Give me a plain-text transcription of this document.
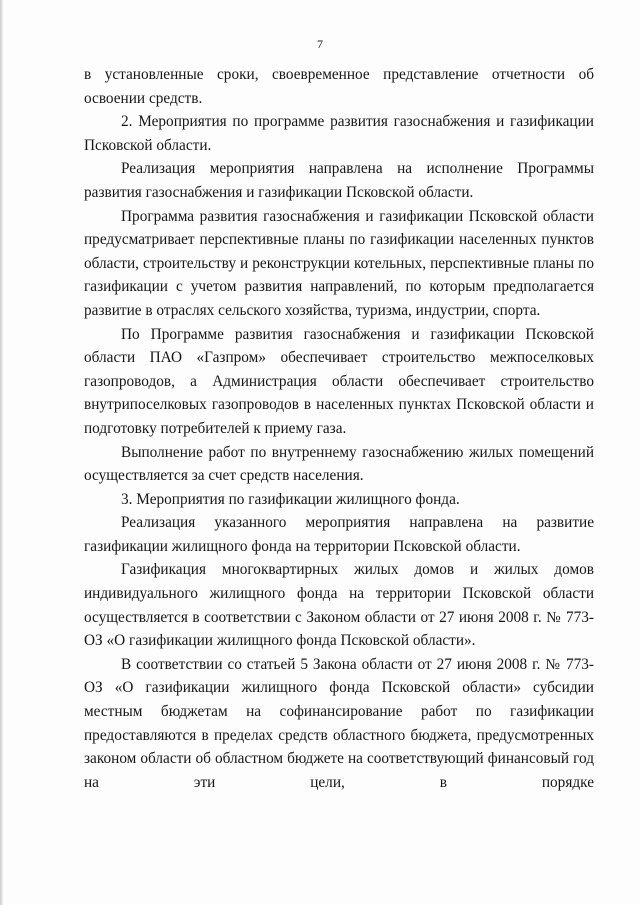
7

в установленные сроки, своевременное представление отчетности об освоении средств.

2. Мероприятия по программе развития газоснабжения и газификации Псковской области.

Реализация мероприятия направлена на исполнение Программы развития газоснабжения и газификации Псковской области.

Программа развития газоснабжения и газификации Псковской области предусматривает перспективные планы по газификации населенных пунктов области, строительству и реконструкции котельных, перспективные планы по газификации с учетом развития направлений, по которым предполагается развитие в отраслях сельского хозяйства, туризма, индустрии, спорта.

По Программе развития газоснабжения и газификации Псковской области ПАО «Газпром» обеспечивает строительство межпоселковых газопроводов, а Администрация области обеспечивает строительство внутрипоселковых газопроводов в населенных пунктах Псковской области и подготовку потребителей к приему газа.

Выполнение работ по внутреннему газоснабжению жилых помещений осуществляется за счет средств населения.

3. Мероприятия по газификации жилищного фонда.

Реализация указанного мероприятия направлена на развитие газификации жилищного фонда на территории Псковской области.

Газификация многоквартирных жилых домов и жилых домов индивидуального жилищного фонда на территории Псковской области осуществляется в соответствии с Законом области от 27 июня 2008 г. № 773-ОЗ «О газификации жилищного фонда Псковской области».

В соответствии со статьей 5 Закона области от 27 июня 2008 г. № 773-ОЗ «О газификации жилищного фонда Псковской области» субсидии местным бюджетам на софинансирование работ по газификации предоставляются в пределах средств областного бюджета, предусмотренных законом области об областном бюджете на соответствующий финансовый год на эти цели, в порядке
